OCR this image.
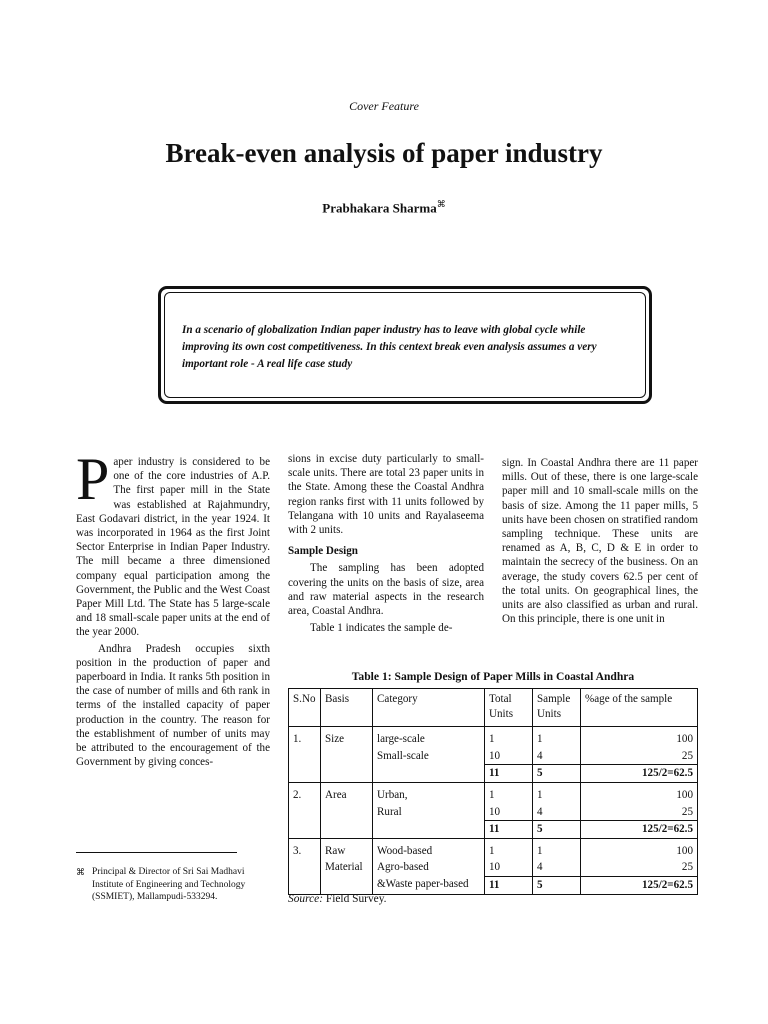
Cover Feature
Break-even analysis of paper industry
Prabhakara Sharma⌘
In a scenario of globalization Indian paper industry has to leave with global cycle while improving its own cost competitiveness. In this centext break even analysis assumes a very important role - A real life case study

Paper industry is considered to be one of the core industries of A.P. The first paper mill in the State was established at Rajahmundry, East Godavari district, in the year 1924. It was incorporated in 1964 as the first Joint Sector Enterprise in Indian Paper Industry. The mill became a three dimensioned company equal participation among the Government, the Public and the West Coast Paper Mill Ltd. The State has 5 large-scale and 18 small-scale paper units at the end of the year 2000.

Andhra Pradesh occupies sixth position in the production of paper and paperboard in India. It ranks 5th position in the case of number of mills and 6th rank in terms of the installed capacity of paper production in the country. The reason for the establishment of number of units may be attributed to the encouragement of the Government by giving conces-

sions in excise duty particularly to small-scale units. There are total 23 paper units in the State. Among these the Coastal Andhra region ranks first with 11 units followed by Telangana with 10 units and Rayalaseema with 2 units.

Sample Design

The sampling has been adopted covering the units on the basis of size, area and raw material aspects in the research area, Coastal Andhra.

Table 1 indicates the sample de-

sign. In Coastal Andhra there are 11 paper mills. Out of these, there is one large-scale paper mill and 10 small-scale mills on the basis of size. Among the 11 paper mills, 5 units have been chosen on stratified random sampling technique. These units are renamed as A, B, C, D & E in order to maintain the secrecy of the business. On an average, the study covers 62.5 per cent of the total units. On geographical lines, the units are also classified as urban and rural. On this principle, there is one unit in

⌘ Principal & Director of Sri Sai Madhavi Institute of Engineering and Technology (SSMIET), Mallampudi-533294.
Table 1: Sample Design of Paper Mills in Coastal Andhra
S.No	Basis	Category	Total Units	Sample Units	%age of the sample
1.	Size	large-scale	1	1	100
		Small-scale	10	4	25
			11	5	125/2=62.5
2.	Area	Urban,	1	1	100
		Rural	10	4	25
			11	5	125/2=62.5
3.	Raw	Wood-based	1	1	100
	Material	Agro-based	10	4	25
		&Waste paper-based	11	5	125/2=62.5
Source: Field Survey.
